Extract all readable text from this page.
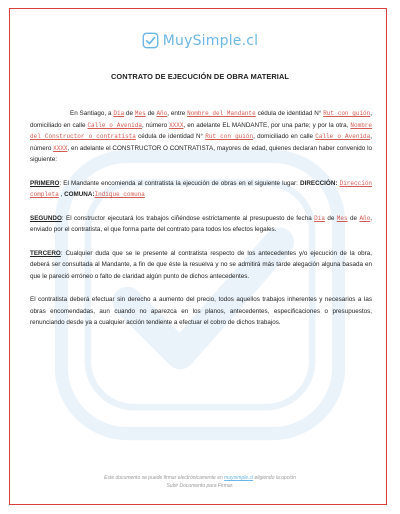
MuySimple.cl
CONTRATO DE EJECUCIÓN DE OBRA MATERIAL

En Santiago, a Día de Mes de Año, entre Nombre del Mandante cédula de identidad N° Rut con guión, domiciliado en calle Calle o Avenida, número XXXX, en adelante EL MANDANTE, por una parte; y por la otra, Nombre del Constructor o contratista cédula de identidad N° Rut con guión, domiciliado en calle Calle o Avenida, número XXXX, en adelante el CONSTRUCTOR O CONTRATISTA, mayores de edad, quienes declaran haber convenido lo siguiente:

PRIMERO: El Mandante encomienda al contratista la ejecución de obras en el siguiente lugar: DIRECCIÓN: Dirección completa , COMUNA:Indique comuna

SEGUNDO: El constructor ejecutará los trabajos ciñéndose estrictamente al presupuesto de fecha Día de Mes de Año, enviado por el contratista, el que forma parte del contrato para todos los efectos legales.

TERCERO: Cualquier duda que se le presente al contratista respecto de los antecedentes y/o ejecución de la obra, deberá ser consultada al Mandante, a fin de que éste la resuelva y no se admitirá más tarde alegación alguna basada en que le pareció erróneo o falto de claridad algún punto de dichos antecedentes.

El contratista deberá efectuar sin derecho a aumento del precio, todos aquellos trabajos inherentes y necesarios a las obras encomendadas, aun cuando no aparezca en los planos, antecedentes, especificaciones o presupuestos, renunciando desde ya a cualquier acción tendiente a efectuar el cobro de dichos trabajos.

Este documento se puede firmar electrónicamente en muysimple.cl eligiendo la opción
Subir Documento para Firmar.
